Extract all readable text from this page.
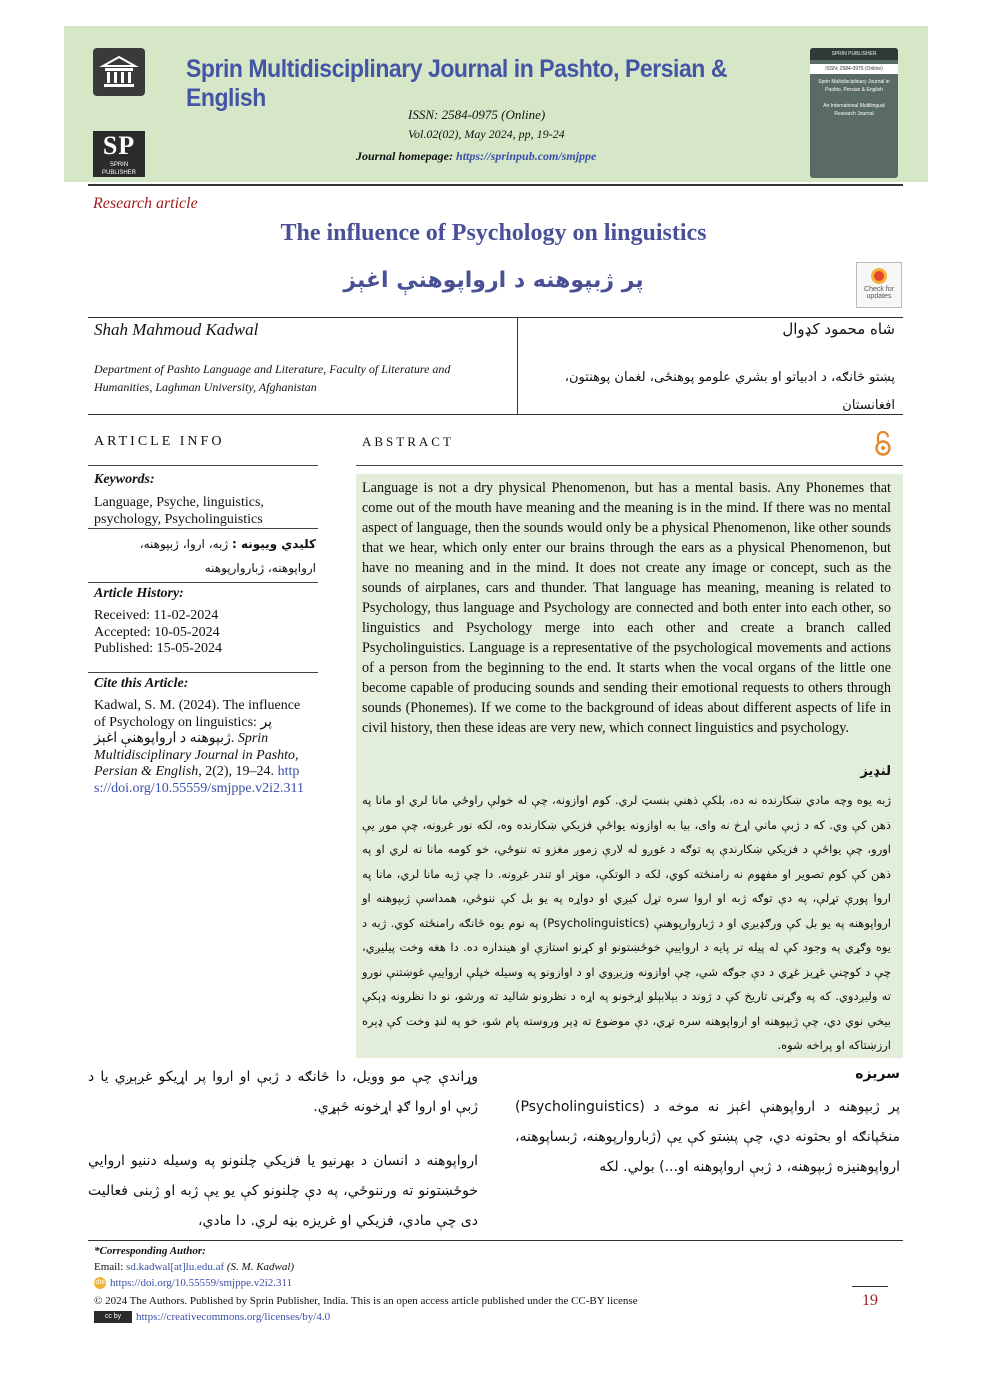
SP
SPRIN PUBLISHER
Sprin Multidisciplinary Journal in Pashto, Persian & English
ISSN: 2584-0975 (Online)
Vol.02(02), May 2024, pp, 19-24
Journal homepage: https://sprinpub.com/smjppe
SPRIN PUBLISHER
ISSN: 2584-0975 (Online)
Sprin Multidisciplinary Journal in Pashto, Persian & English
An International Multilingual Research Journal
Research article
The influence of Psychology on linguistics
پر ژبپوهنه د ارواپوهنې اغېز	Check for updates
Shah Mahmoud Kadwal	شاه محمود کډوال
Department of Pashto Language and Literature, Faculty of Literature and Humanities, Laghman University, Afghanistan
پښتو څانګه، د ادبیاتو او بشري علومو پوهنځی، لغمان پوهنتون، افغانستان
ARTICLE INFO	ABSTRACT
Keywords:
Language, Psyche, linguistics, psychology, Psycholinguistics
کلیدي وییونه : ژبه، اروا، ژبپوهنه، ارواپوهنه، ژباروارپوهنه
Article History:
Received: 11-02-2024
Accepted: 10-05-2024
Published: 15-05-2024
Cite this Article:
Kadwal, S. M. (2024). The influence of Psychology on linguistics: پر ژبپوهنه د ارواپوهنې اغېز. Sprin Multidisciplinary Journal in Pashto, Persian & English, 2(2), 19–24. https://doi.org/10.55559/smjppe.v2i2.311
Language is not a dry physical Phenomenon, but has a mental basis. Any Phonemes that come out of the mouth have meaning and the meaning is in the mind. If there was no mental aspect of language, then the sounds would only be a physical Phenomenon, like other sounds that we hear, which only enter our brains through the ears as a physical Phenomenon, but have no meaning and in the mind. It does not create any image or concept, such as the sounds of airplanes, cars and thunder. That language has meaning, meaning is related to Psychology, thus language and Psychology are connected and both enter into each other, so linguistics and Psychology merge into each other and create a branch called Psycholinguistics. Language is a representative of the psychological movements and actions of a person from the beginning to the end. It starts when the vocal organs of the little one become capable of producing sounds and sending their emotional requests to others through sounds (Phonemes). If we come to the background of ideas about different aspects of life in civil history, then these ideas are very new, which connect linguistics and psychology.
لنډیز
ژبه یوه وچه مادي ښکارنده نه ده، بلکې ذهني بنسټ لري. کوم اوازونه، چې له خولې راوځي مانا لري او مانا په ذهن کې وي. که د ژبې ماني اړخ نه وای، بیا به اوازونه یواځې فزیکي ښکارنده وه، لکه نور غږونه، چې موږ یې اورو، چې یواځې د فزیکي ښکارندې په توګه د غوږو له لارې زموږ مغزو ته ننوځي، خو کومه مانا نه لري او په ذهن کې کوم تصویر او مفهوم نه رامنځته کوي، لکه د الوتکې، موټر او تندر غږونه. دا چې ژبه مانا لري، مانا په اروا پورې تړلې، په دې توګه ژبه او اروا سره تړل کیږي او دواړه په یو بل کې ننوځي، همداسې ژبپوهنه او ارواپوهنه په یو بل کې ورګډیږي او د ژباروارپوهنې (Psycholinguistics) په نوم یوه څانګه رامنځته کوي. ژبه د یوه وګړي په وجود کې له پیله تر پایه د ارواییې خوځښتونو او کړنو استازې او هینداره ده. دا هغه وخت پیلیږي، چې د کوچني غړیز غړي د دې جوګه شي، چې اوازونه وزیږوي او د اوازونو په وسیله خپلې ارواییې غوښتنې نورو ته ولیږدوي. که په وګړنی تاریخ کې د ژوند د بېلابېلو اړخونو په اړه د نظرونو شالید ته ورشو، نو دا نظرونه ډېکې بیخي نوي دي، چې ژبپوهنه او ارواپوهنه سره تړي، دې موضوع ته ډېر وروسته پام شو، خو په لنډ وخت کې ډېره ارزښتاکه او پراخه شوه.
سریزه
پر ژبپوهنه د ارواپوهنې اغېز نه موخه د (Psycholinguistics) منځپانګه او بحثونه دي، چې پښتو کې یې (ژباروارپوهنه، ژبساپوهنه، ارواپوهنیزه ژبپوهنه، د ژبې ارواپوهنه او...) بولي. لکه
وړاندې چې مو وویل، دا څانګه د ژبې او اروا پر اړیکو غږېږي یا د ژبې او اروا ګډ اړخونه څېړي.
ارواپوهنه د انسان د بهرنیو یا فزیکي چلنونو په وسیله دننیو اروایي خوځښتونو ته ورننوځي، په دې چلنونو کې یو یې ژبه او ژبنی فعالیت دی چې مادي، فزیکي او غریزه بڼه لري. دا مادي،
*Corresponding Author:
Email: sd.kadwal[at]lu.edu.af (S. M. Kadwal)
doi https://doi.org/10.55559/smjppe.v2i2.311
© 2024 The Authors. Published by Sprin Publisher, India. This is an open access article published under the CC-BY license
cc by https://creativecommons.org/licenses/by/4.0
19
